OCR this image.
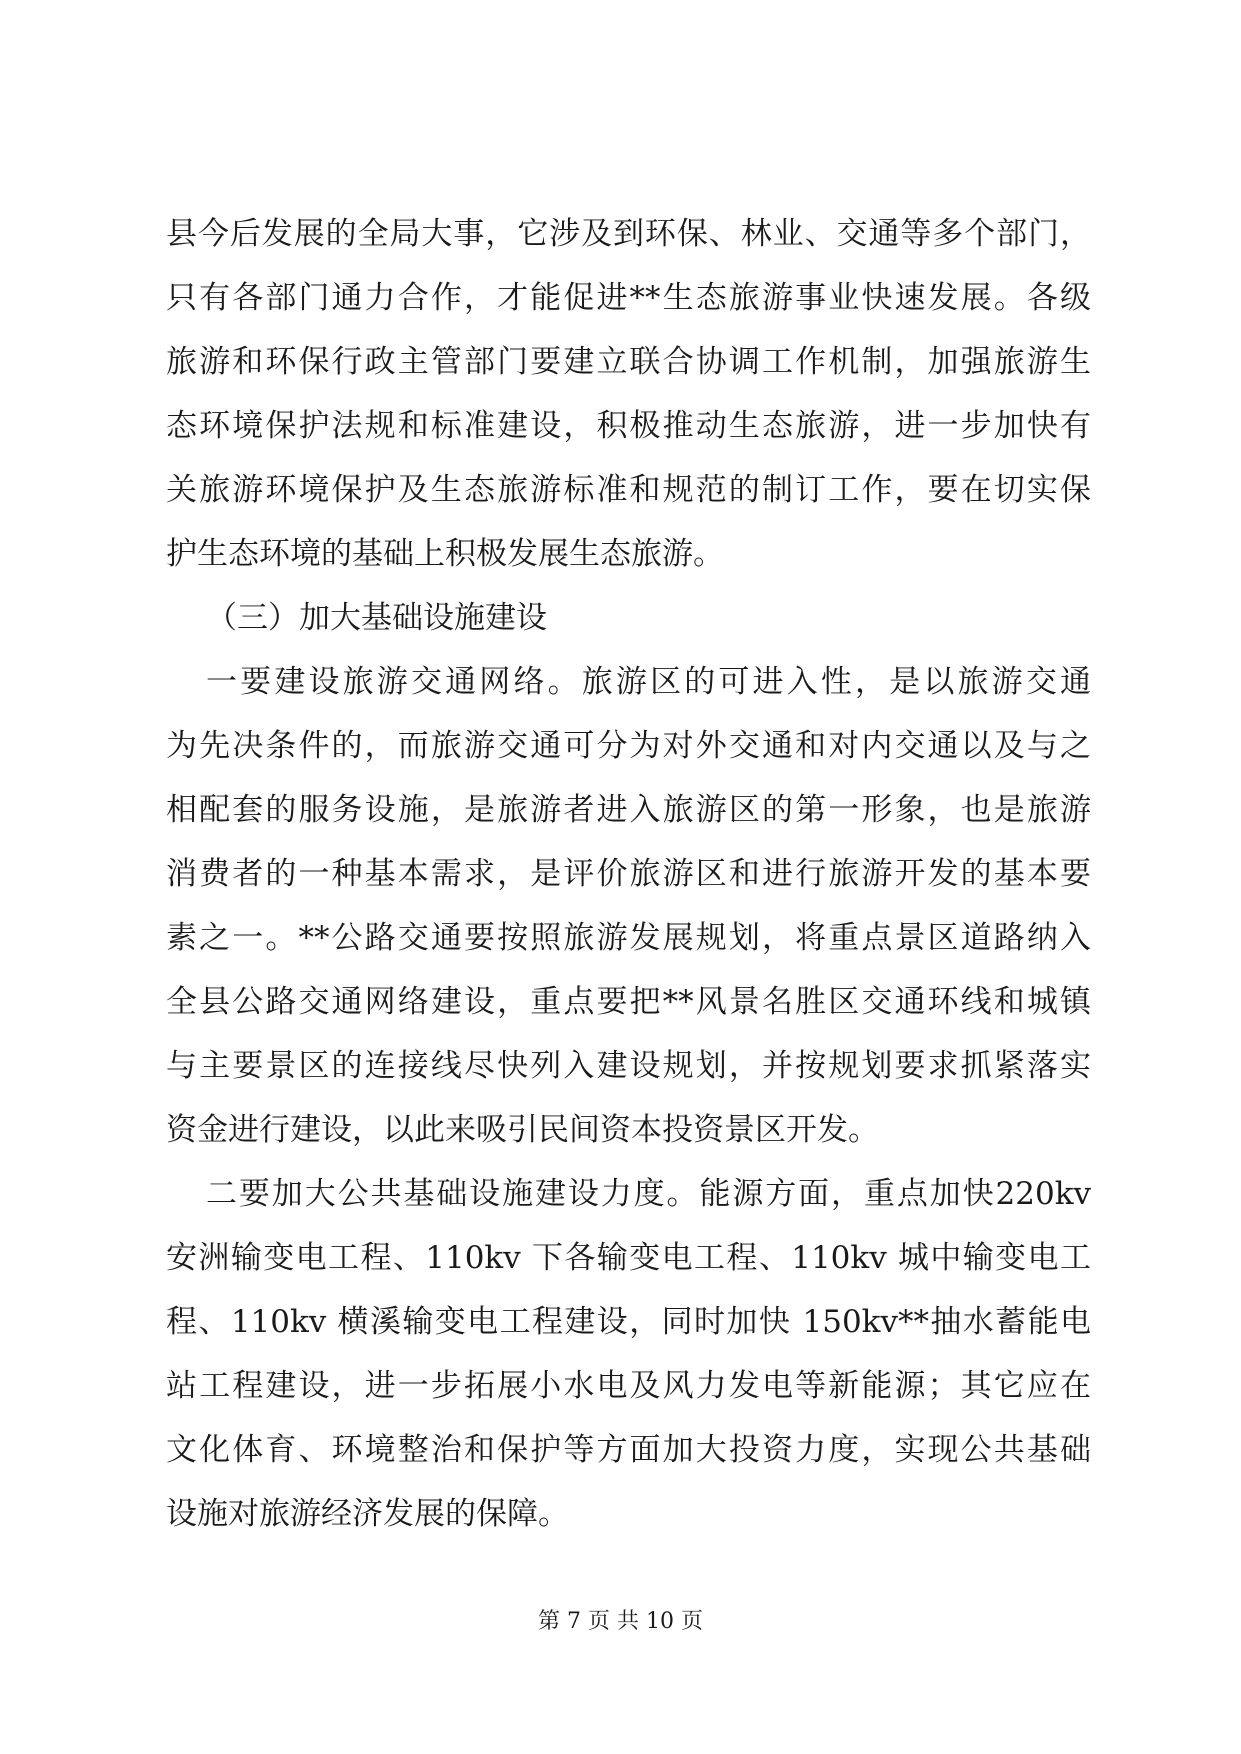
县今后发展的全局大事，它涉及到环保、林业、交通等多个部门，
只有各部门通力合作，才能促进**生态旅游事业快速发展。各级
旅游和环保行政主管部门要建立联合协调工作机制，加强旅游生
态环境保护法规和标准建设，积极推动生态旅游，进一步加快有
关旅游环境保护及生态旅游标准和规范的制订工作，要在切实保
护生态环境的基础上积极发展生态旅游。
（三）加大基础设施建设
一要建设旅游交通网络。旅游区的可进入性，是以旅游交通
为先决条件的，而旅游交通可分为对外交通和对内交通以及与之
相配套的服务设施，是旅游者进入旅游区的第一形象，也是旅游
消费者的一种基本需求，是评价旅游区和进行旅游开发的基本要
素之一。**公路交通要按照旅游发展规划，将重点景区道路纳入
全县公路交通网络建设，重点要把**风景名胜区交通环线和城镇
与主要景区的连接线尽快列入建设规划，并按规划要求抓紧落实
资金进行建设，以此来吸引民间资本投资景区开发。
二要加大公共基础设施建设力度。能源方面，重点加快220kv
安洲输变电工程、110kv 下各输变电工程、110kv 城中输变电工
程、110kv 横溪输变电工程建设，同时加快 150kv**抽水蓄能电
站工程建设，进一步拓展小水电及风力发电等新能源；其它应在
文化体育、环境整治和保护等方面加大投资力度，实现公共基础
设施对旅游经济发展的保障。
第 7 页 共 10 页
